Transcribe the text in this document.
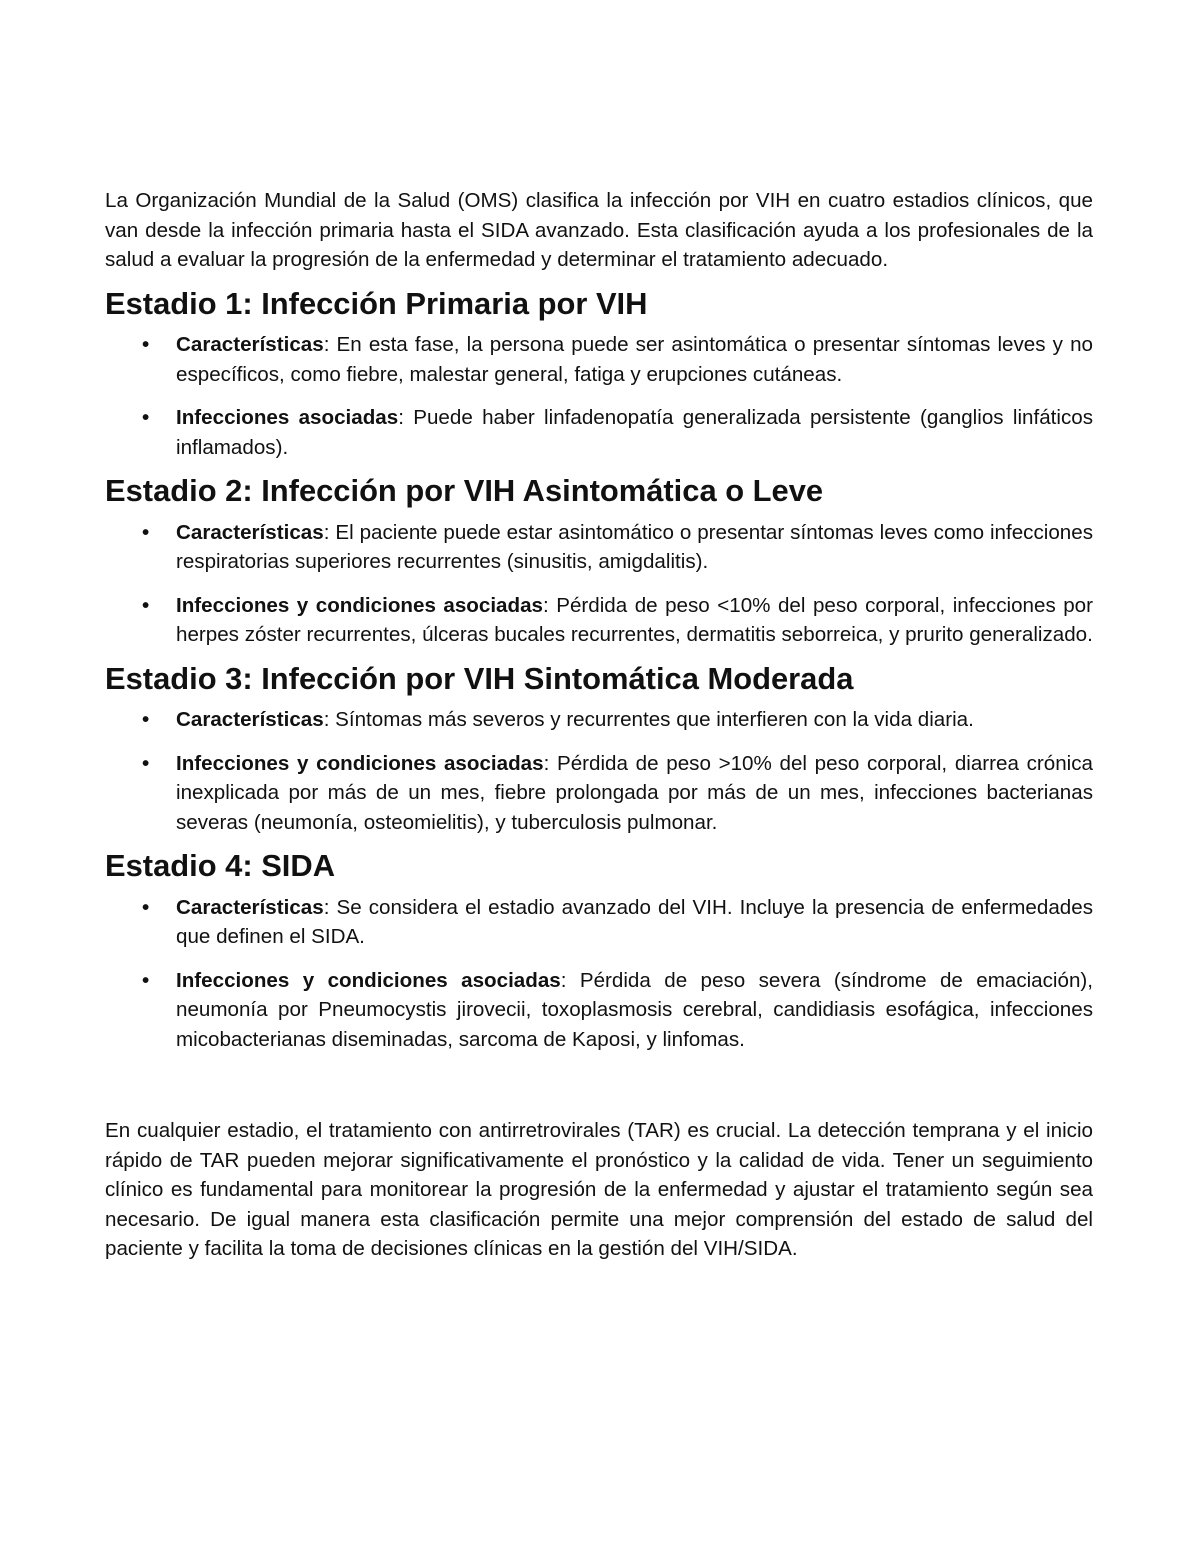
La Organización Mundial de la Salud (OMS) clasifica la infección por VIH en cuatro estadios clínicos, que van desde la infección primaria hasta el SIDA avanzado. Esta clasificación ayuda a los profesionales de la salud a evaluar la progresión de la enfermedad y determinar el tratamiento adecuado.

Estadio 1: Infección Primaria por VIH
• Características: En esta fase, la persona puede ser asintomática o presentar síntomas leves y no específicos, como fiebre, malestar general, fatiga y erupciones cutáneas.
• Infecciones asociadas: Puede haber linfadenopatía generalizada persistente (ganglios linfáticos inflamados).
Estadio 2: Infección por VIH Asintomática o Leve
• Características: El paciente puede estar asintomático o presentar síntomas leves como infecciones respiratorias superiores recurrentes (sinusitis, amigdalitis).
• Infecciones y condiciones asociadas: Pérdida de peso <10% del peso corporal, infecciones por herpes zóster recurrentes, úlceras bucales recurrentes, dermatitis seborreica, y prurito generalizado.
Estadio 3: Infección por VIH Sintomática Moderada
• Características: Síntomas más severos y recurrentes que interfieren con la vida diaria.
• Infecciones y condiciones asociadas: Pérdida de peso >10% del peso corporal, diarrea crónica inexplicada por más de un mes, fiebre prolongada por más de un mes, infecciones bacterianas severas (neumonía, osteomielitis), y tuberculosis pulmonar.
Estadio 4: SIDA
• Características: Se considera el estadio avanzado del VIH. Incluye la presencia de enfermedades que definen el SIDA.
• Infecciones y condiciones asociadas: Pérdida de peso severa (síndrome de emaciación), neumonía por Pneumocystis jirovecii, toxoplasmosis cerebral, candidiasis esofágica, infecciones micobacterianas diseminadas, sarcoma de Kaposi, y linfomas.

En cualquier estadio, el tratamiento con antirretrovirales (TAR) es crucial. La detección temprana y el inicio rápido de TAR pueden mejorar significativamente el pronóstico y la calidad de vida. Tener un seguimiento clínico es fundamental para monitorear la progresión de la enfermedad y ajustar el tratamiento según sea necesario. De igual manera esta clasificación permite una mejor comprensión del estado de salud del paciente y facilita la toma de decisiones clínicas en la gestión del VIH/SIDA.
